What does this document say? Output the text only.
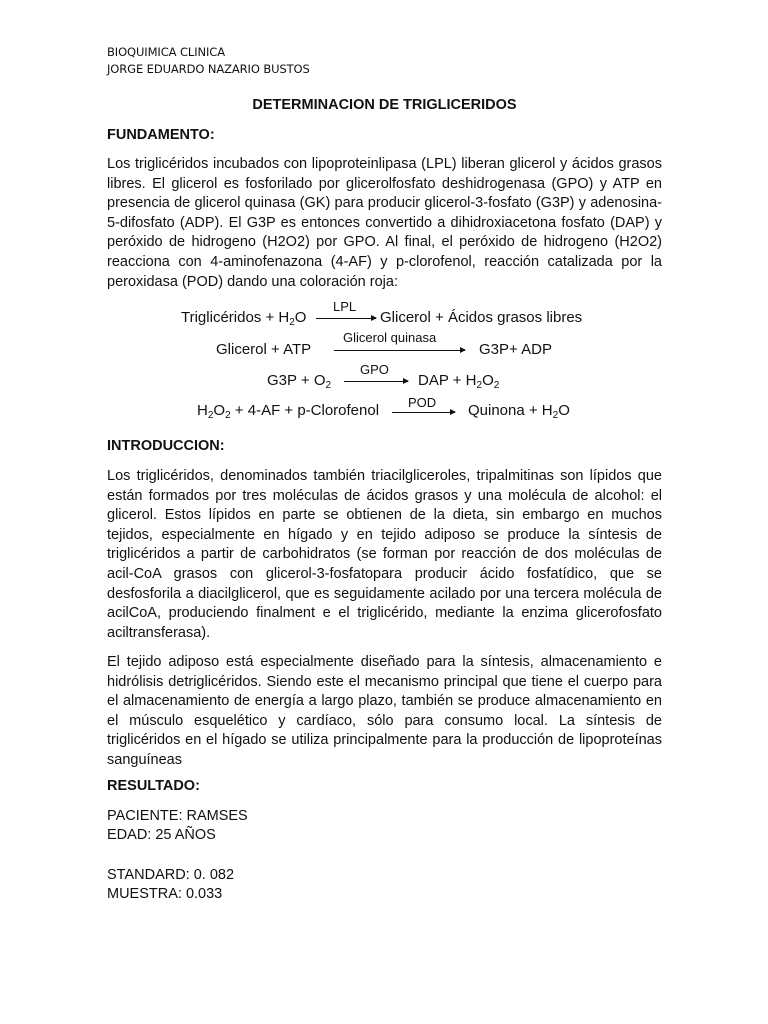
BIOQUIMICA CLINICA
JORGE EDUARDO NAZARIO BUSTOS
DETERMINACION DE TRIGLICERIDOS
FUNDAMENTO:

Los triglicéridos incubados con lipoproteinlipasa (LPL) liberan glicerol y ácidos grasos libres. El glicerol es fosforilado por glicerolfosfato deshidrogenasa (GPO) y ATP en presencia de glicerol quinasa (GK) para producir glicerol-3-fosfato (G3P) y adenosina-5-difosfato (ADP). El G3P es entonces convertido a dihidroxiacetona fosfato (DAP) y peróxido de hidrogeno (H2O2) por GPO. Al final, el peróxido de hidrogeno (H2O2) reacciona con 4-aminofenazona (4-AF) y p-clorofenol, reacción catalizada por la peroxidasa (POD) dando una coloración roja:

Triglicéridos + $H_2O$
LPL
→ Glicerol + Ácidos grasos libres
Glicerol + ATP
Glicerol quinasa
G3P+ ADP
$G3P + O_2$
GPO
→ DAP + $H_2O_2$
$H_2O_2 + 4-AF$ + p-Clorofenol POD → Quinona + $H_2O$
INTRODUCCION:

Los triglicéridos, denominados también triacilgliceroles, tripalmitinas son lípidos que están formados por tres moléculas de ácidos grasos y una molécula de alcohol: el glicerol. Estos lípidos en parte se obtienen de la dieta, sin embargo en muchos tejidos, especialmente en hígado y en tejido adiposo se produce la síntesis de triglicéridos a partir de carbohidratos (se forman por reacción de dos moléculas de acil-CoA grasos con glicerol-3-fosfatopara producir ácido fosfatídico, que se desfosforila a diacilglicerol, que es seguidamente acilado por una tercera molécula de acilCoA, produciendo finalment e el triglicérido, mediante la enzima glicerofosfato aciltransferasa).

El tejido adiposo está especialmente diseñado para la síntesis, almacenamiento e hidrólisis detriglicéridos. Siendo este el mecanismo principal que tiene el cuerpo para el almacenamiento de energía a largo plazo, también se produce almacenamiento en el músculo esquelético y cardíaco, sólo para consumo local. La síntesis de triglicéridos en el hígado se utiliza principalmente para la producción de lipoproteínas sanguíneas

RESULTADO:
PACIENTE: RAMSES
EDAD: 25 AÑOS
STANDARD: 0. 082
MUESTRA: 0.033
